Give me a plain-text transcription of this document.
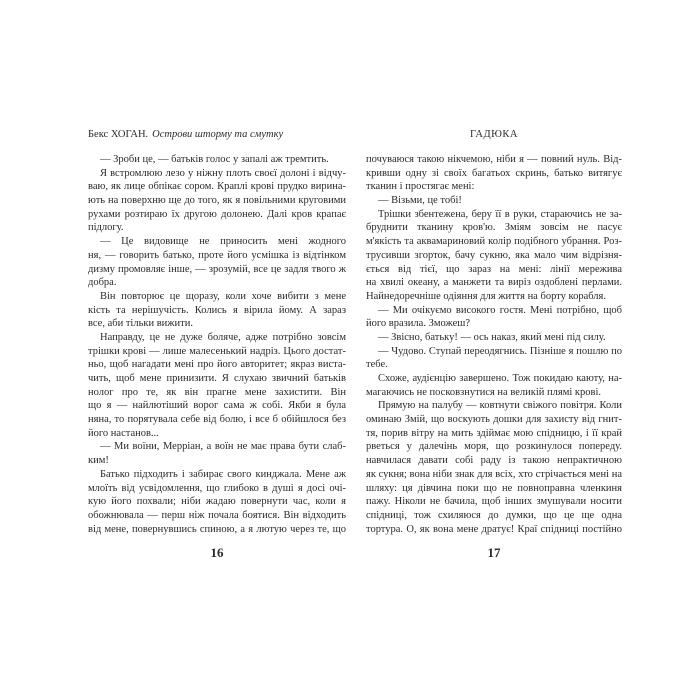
Бекс ХОГАН. Острови шторму та смутку
— Зроби це, — батьків голос у запалі аж тремтить.
Я встромлюю лезо у ніжну плоть своєї долоні і відчу-
ваю, як лице обпікає сором. Краплі крові прудко вирина-
ють на поверхню ще до того, як я повільними круговими
рухами розтираю їх другою долонею. Далі кров крапає
підлогу.
— Це видовище не приносить мені жодного
ня, — говорить батько, проте його усмішка із відтінком
дизму промовляє інше, — зрозумій, все це задля твого ж
добра.
Він повторює це щоразу, коли хоче вибити з мене
кість та нерішучість. Колись я вірила йому. А зараз
все, аби тільки вижити.
Направду, це не дуже боляче, адже потрібно зовсім
трішки крові — лише малесенький надріз. Цього достат-
ньо, щоб нагадати мені про його авторитет; якраз виста-
чить, щоб мене принизити. Я слухаю звичний батьків
нолог про те, як він прагне мене захистити. Він
що я — найлютіший ворог сама ж собі. Якби я була
няна, то порятувала себе від болю, і все б обійшлося без
його настанов...
— Ми воїни, Мерріан, а воїн не має права бути слаб-
ким!
Батько підходить і забирає свого кинджала. Мене аж
млоїть від усвідомлення, що глибоко в душі я досі очі-
кую його похвали; ніби жадаю повернути час, коли я
обожнювала — перш ніж почала боятися. Він відходить
від мене, повернувшись спиною, а я лютую через те, що
16
ГАДЮКА
почуваюся такою нікчемою, ніби я — повний нуль. Від-
кривши одну зі своїх багатьох скринь, батько витягує
тканин і простягає мені:
— Візьми, це тобі!
Трішки збентежена, беру її в руки, стараючись не за-
бруднити тканину кров'ю. Зміям зовсім не пасує
м'якість та аквамариновий колір подібного убрання. Роз-
трусивши згорток, бачу сукню, яка мало чим відрізня-
ється від тієї, що зараз на мені: лінії мережива
на хвилі океану, а манжети та виріз оздоблені перлами.
Найнедоречніше одіяння для життя на борту корабля.
— Ми очікуємо високого гостя. Мені потрібно, щоб
його вразила. Зможеш?
— Звісно, батьку! — ось наказ, який мені під силу.
— Чудово. Ступай переодягнись. Пізніше я пошлю по
тебе.
Схоже, аудієнцію завершено. Тож покидаю каюту, на-
магаючись не посковзнутися на великій плямі крові.
Прямую на палубу — ковтнути свіжого повітря. Коли
оминаю Змій, що воскують дошки для захисту від гнит-
тя, порив вітру на мить здіймає мою спідницю, і її край
рветься у далечінь моря, що розкинулося попереду.
навчилася давати собі раду із такою непрактичною
як сукня; вона ніби знак для всіх, хто стрічається мені на
шляху: ця дівчина поки що не повноправна членкиня
пажу. Ніколи не бачила, щоб інших змушували носити
спідниці, тож схиляюся до думки, що це ще одна
тортура. О, як вона мене дратує! Краї спідниці постійно
17
